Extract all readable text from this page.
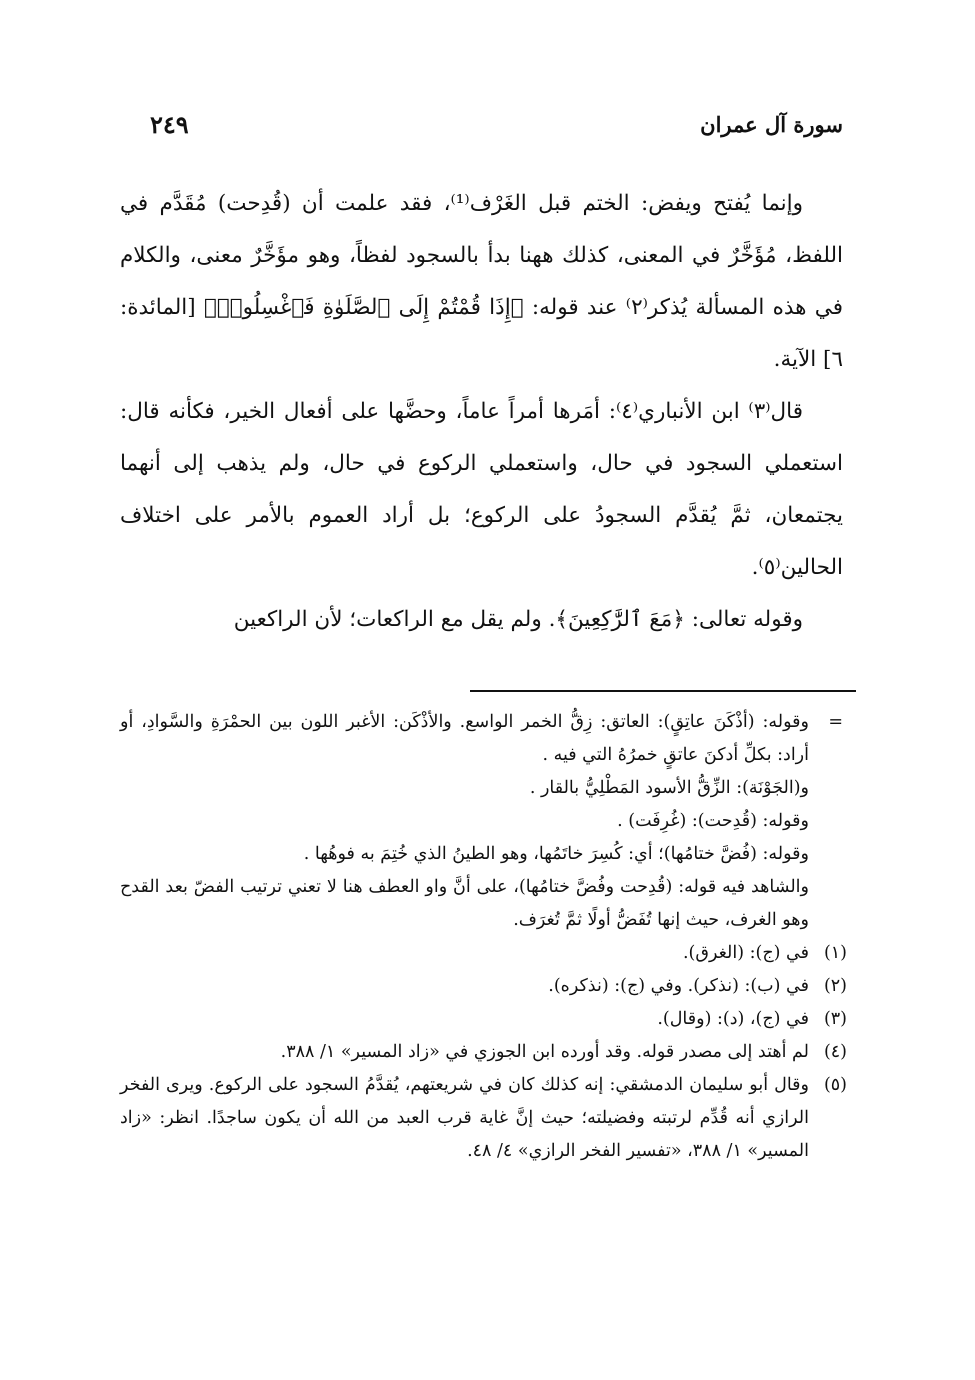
سورة آل عمران
٢٤٩

وإنما يُفتح ويفض: الختم قبل الغَرْف⁽¹⁾، فقد علمت أن (قُدِحت) مُقَدَّم في اللفظ، مُؤَخَّرٌ في المعنى، كذلك ههنا بدأ بالسجود لفظاً، وهو مؤَخَّرٌ معنى، والكلام في هذه المسألة يُذكر⁽٢⁾ عند قوله: ﴿إِذَا قُمْتُمْ إِلَى ٱلصَّلَوٰةِ فَٱغْسِلُوا۟﴾ [المائدة: ٦] الآية.

قال⁽٣⁾ ابن الأنباري⁽٤⁾: أمَرها أمراً عاماً، وحضَّها على أفعال الخير، فكأنه قال: استعملي السجود في حال، واستعملي الركوع في حال، ولم يذهب إلى أنهما يجتمعان، ثمَّ يُقدَّم السجودُ على الركوع؛ بل أراد العموم بالأمر على اختلاف الحالين⁽٥⁾.

وقوله تعالى: ﴿مَعَ ٱلرَّٰكِعِينَ﴾. ولم يقل مع الراكعات؛ لأن الراكعين

=
وقوله: (أذْكَنَ عاتِقٍ): العاتق: زِقُّ الخمر الواسع. والأذْكَن: الأغبر اللون بين الحمْرَةِ والسَّوادِ، أو أراد: بكلِّ أدكنَ عاتقٍ خمرُهُ التي فيه .

و(الجَوْنَة): الزِّقُّ الأسود المَطْلِيُّ بالقار .

وقوله: (قُدِحت): (غُرِفَت) .

وقوله: (فُضَّ ختامُها)؛ أي: كُسِرَ خاتَمُها، وهو الطينُ الذي خُتِمَ به فوهُها .

والشاهد فيه قوله: (قُدِحت وفُضَّ ختامُها)، على أنَّ واو العطف هنا لا تعني ترتيب الفضّ بعد القدح وهو الغرف، حيث إنها تُفَضُّ أولًا ثمَّ تُغرَف.

(١)
في (ج): (الغرق).

(٢)
في (ب): (نذكر). وفي (ج): (نذكره).

(٣)
في (ج)، (د): (وقال).

(٤)
لم أهتد إلى مصدر قوله. وقد أورده ابن الجوزي في «زاد المسير» ١/ ٣٨٨.

(٥)
وقال أبو سليمان الدمشقي: إنه كذلك كان في شريعتهم، يُقدَّمُ السجود على الركوع. ويرى الفخر الرازي أنه قُدِّم لرتبته وفضيلته؛ حيث إنَّ غاية قرب العبد من الله أن يكون ساجدًا. انظر: «زاد المسير» ١/ ٣٨٨، «تفسير الفخر الرازي» ٤/ ٤٨.
